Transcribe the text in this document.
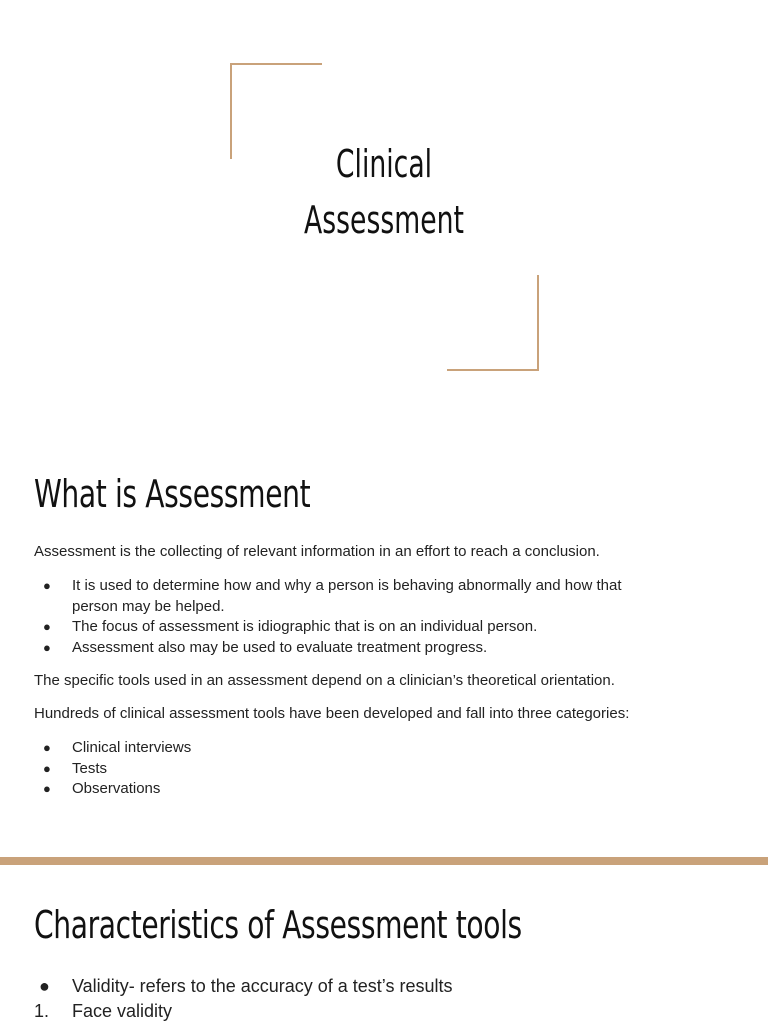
Clinical
Assessment
What is Assessment
Assessment is the collecting of relevant information in an effort to reach a conclusion.
● It is used to determine how and why a person is behaving abnormally and how that
person may be helped.
● The focus of assessment is idiographic that is on an individual person.
● Assessment also may be used to evaluate treatment progress.
The specific tools used in an assessment depend on a clinician’s theoretical orientation.
Hundreds of clinical assessment tools have been developed and fall into three categories:
● Clinical interviews
● Tests
● Observations
Characteristics of Assessment tools
● Validity- refers to the accuracy of a test’s results
1. Face validity
